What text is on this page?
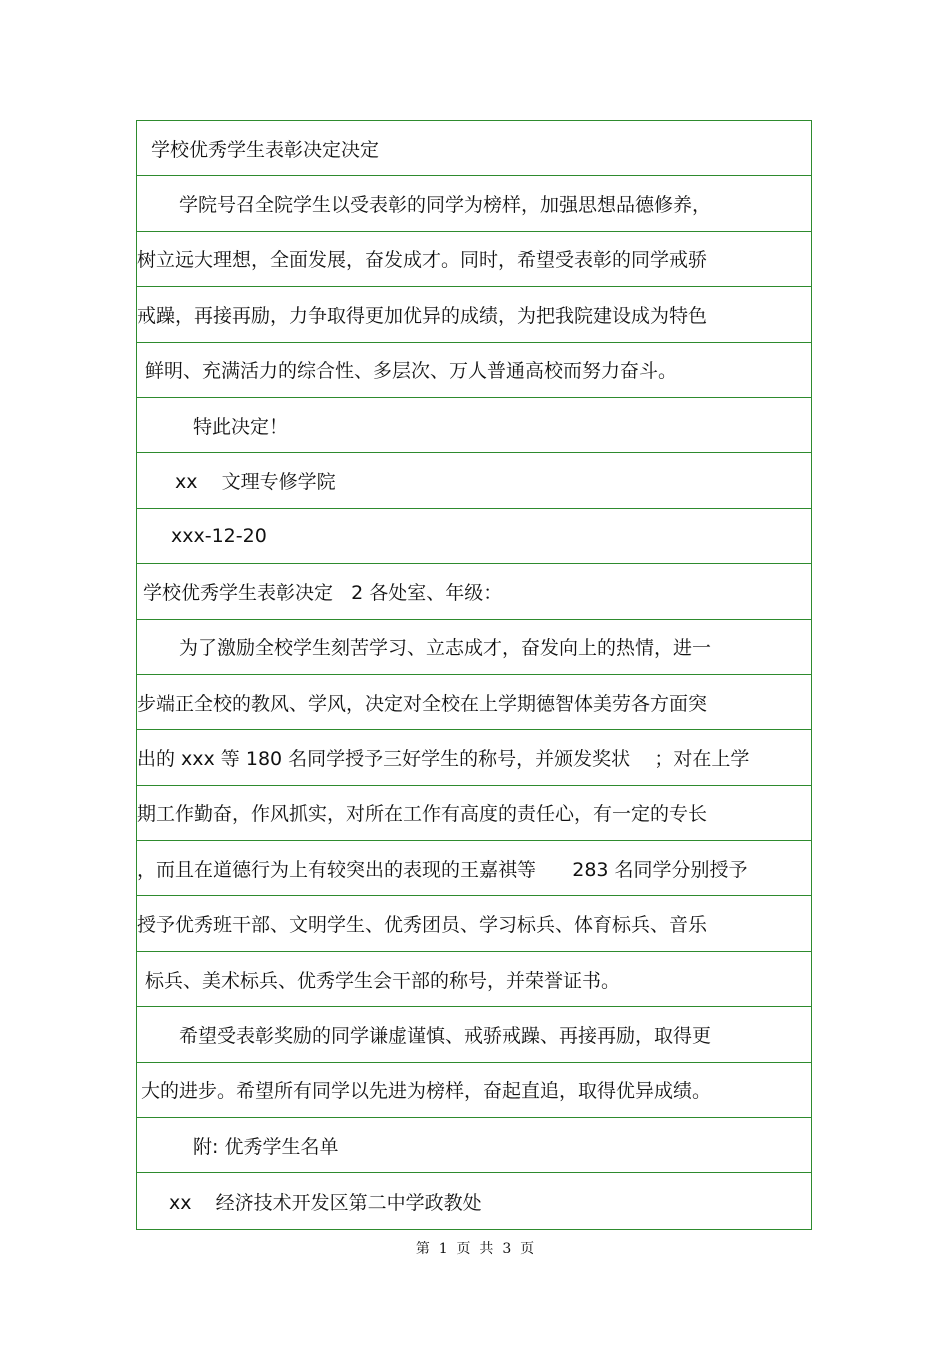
学校优秀学生表彰决定决定
学院号召全院学生以受表彰的同学为榜样，加强思想品德修养，
树立远大理想，全面发展，奋发成才。同时，希望受表彰的同学戒骄
戒躁，再接再励，力争取得更加优异的成绩，为把我院建设成为特色
鲜明、充满活力的综合性、多层次、万人普通高校而努力奋斗。
特此决定！
xx    文理专修学院
xxx-12-20
学校优秀学生表彰决定   2 各处室、年级：
为了激励全校学生刻苦学习、立志成才，奋发向上的热情，进一
步端正全校的教风、学风，决定对全校在上学期德智体美劳各方面突
出的 xxx 等 180 名同学授予三好学生的称号，并颁发奖状    ；对在上学
期工作勤奋，作风抓实，对所在工作有高度的责任心，有一定的专长
，而且在道德行为上有较突出的表现的王嘉祺等      283 名同学分别授予
授予优秀班干部、文明学生、优秀团员、学习标兵、体育标兵、音乐
标兵、美术标兵、优秀学生会干部的称号，并荣誉证书。
希望受表彰奖励的同学谦虚谨慎、戒骄戒躁、再接再励，取得更
大的进步。希望所有同学以先进为榜样，奋起直追，取得优异成绩。
附: 优秀学生名单
xx    经济技术开发区第二中学政教处
第  1  页  共  3  页
